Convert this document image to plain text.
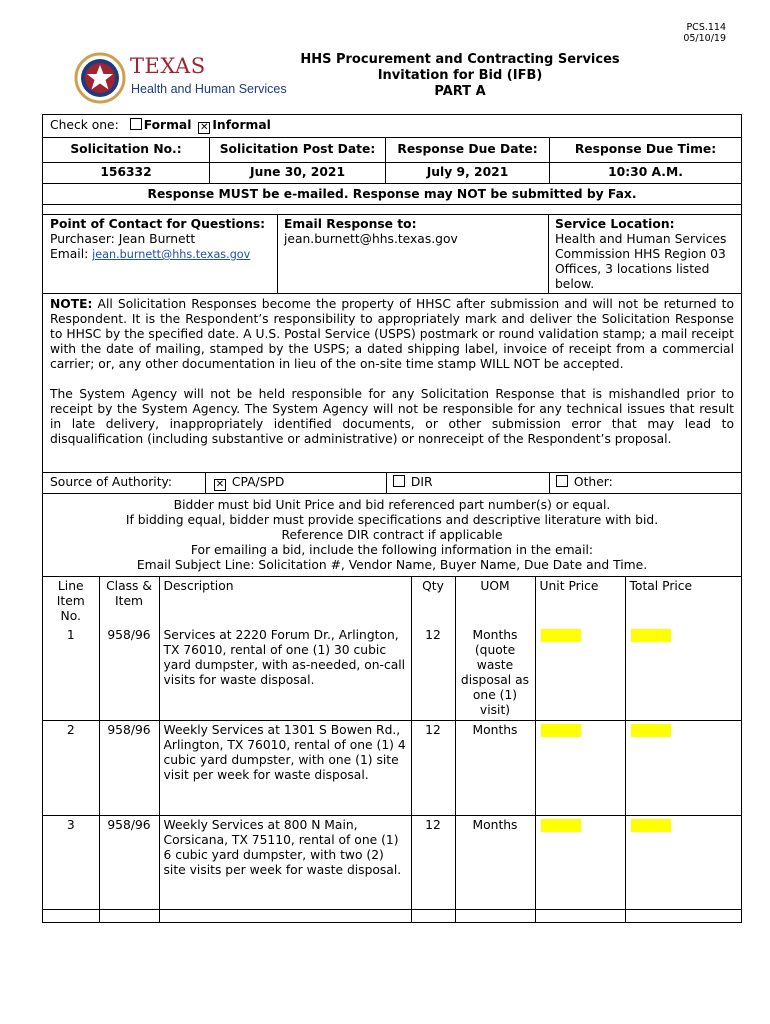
PCS.114
05/10/19
TEXAS
Health and Human Services
HHS Procurement and Contracting Services
Invitation for Bid (IFB)
PART A
Check one: Formal ✕ Informal
Solicitation No.:	Solicitation Post Date:	Response Due Date:	Response Due Time:
156332	June 30, 2021	July 9, 2021	10:30 A.M.
Response MUST be e-mailed. Response may NOT be submitted by Fax.
Point of Contact for Questions:
Purchaser: Jean Burnett
Email: jean.burnett@hhs.texas.gov
Email Response to:
jean.burnett@hhs.texas.gov
Service Location:
Health and Human Services Commission HHS Region 03 Offices, 3 locations listed below.

NOTE: All Solicitation Responses become the property of HHSC after submission and will not be returned to Respondent. It is the Respondent’s responsibility to appropriately mark and deliver the Solicitation Response to HHSC by the specified date. A U.S. Postal Service (USPS) postmark or round validation stamp; a mail receipt with the date of mailing, stamped by the USPS; a dated shipping label, invoice of receipt from a commercial carrier; or, any other documentation in lieu of the on-site time stamp WILL NOT be accepted.

The System Agency will not be held responsible for any Solicitation Response that is mishandled prior to receipt by the System Agency. The System Agency will not be responsible for any technical issues that result in late delivery, inappropriately identified documents, or other submission error that may lead to disqualification (including substantive or administrative) or nonreceipt of the Respondent’s proposal.

Source of Authority:	✕ CPA/SPD	DIR	Other:
Bidder must bid Unit Price and bid referenced part number(s) or equal.
If bidding equal, bidder must provide specifications and descriptive literature with bid.
Reference DIR contract if applicable
For emailing a bid, include the following information in the email:
Email Subject Line: Solicitation #, Vendor Name, Buyer Name, Due Date and Time.
Line Item No.	Class & Item	Description	Qty	UOM	Unit Price	Total Price
1	958/96	Services at 2220 Forum Dr., Arlington, TX 76010, rental of one (1) 30 cubic yard dumpster, with as-needed, on-call visits for waste disposal.	12	Months (quote waste disposal as one (1) visit)		
2	958/96	Weekly Services at 1301 S Bowen Rd., Arlington, TX 76010, rental of one (1) 4 cubic yard dumpster, with one (1) site visit per week for waste disposal.	12	Months		
3	958/96	Weekly Services at 800 N Main, Corsicana, TX 75110, rental of one (1) 6 cubic yard dumpster, with two (2) site visits per week for waste disposal.	12	Months		
